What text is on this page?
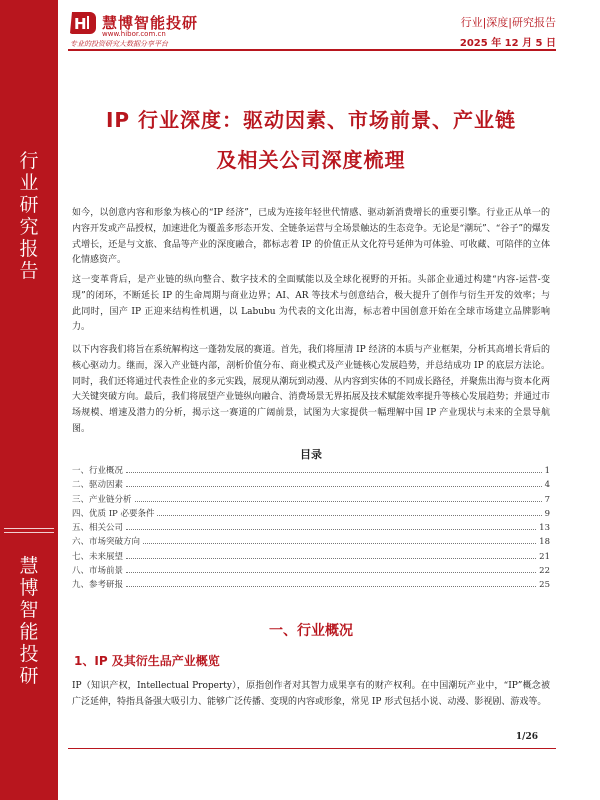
行
业
研
究
报
告
慧
博
智
能
投
研
H 慧博智能投研
www.hibor.com.cn
专业的投资研究大数据分享平台
行业|深度|研究报告
2025 年 12 月 5 日
IP 行业深度：驱动因素、市场前景、产业链
及相关公司深度梳理

如今，以创意内容和形象为核心的“IP 经济”，已成为连接年轻世代情感、驱动新消费增长的重要引擎。行业正从单一的内容开发或产品授权，加速进化为覆盖多形态开发、全链条运营与全场景触达的生态竞争。无论是“潮玩”、“谷子”的爆发式增长，还是与文旅、食品等产业的深度融合，都标志着 IP 的价值正从文化符号延伸为可体验、可收藏、可陪伴的立体化情感资产。

这一变革背后，是产业链的纵向整合、数字技术的全面赋能以及全球化视野的开拓。头部企业通过构建“内容-运营-变现”的闭环，不断延长 IP 的生命周期与商业边界；AI、AR 等技术与创意结合，极大提升了创作与衍生开发的效率；与此同时，国产 IP 正迎来结构性机遇，以 Labubu 为代表的文化出海，标志着中国创意开始在全球市场建立品牌影响力。

以下内容我们将旨在系统解构这一蓬勃发展的赛道。首先，我们将厘清 IP 经济的本质与产业框架，分析其高增长背后的核心驱动力。继而，深入产业链内部，剖析价值分布、商业模式及产业链核心发展趋势，并总结成功 IP 的底层方法论。同时，我们还将通过代表性企业的多元实践，展现从潮玩到动漫、从内容到实体的不同成长路径，并聚焦出海与资本化两大关键突破方向。最后，我们将展望产业链纵向融合、消费场景无界拓展及技术赋能效率提升等核心发展趋势；并通过市场规模、增速及潜力的分析，揭示这一赛道的广阔前景，试图为大家提供一幅理解中国 IP 产业现状与未来的全景导航图。

目录
一、行业概况	1
二、驱动因素	4
三、产业链分析	7
四、优质 IP 必要条件	9
五、相关公司	13
六、市场突破方向	18
七、未来展望	21
八、市场前景	22
九、参考研报	25
一、行业概况
1、IP 及其衍生品产业概览

IP（知识产权，Intellectual Property），原指创作者对其智力成果享有的财产权利。在中国潮玩产业中，“IP”概念被广泛延伸，特指具备强大吸引力、能够广泛传播、变现的内容或形象，常见 IP 形式包括小说、动漫、影视剧、游戏等。

1/26
